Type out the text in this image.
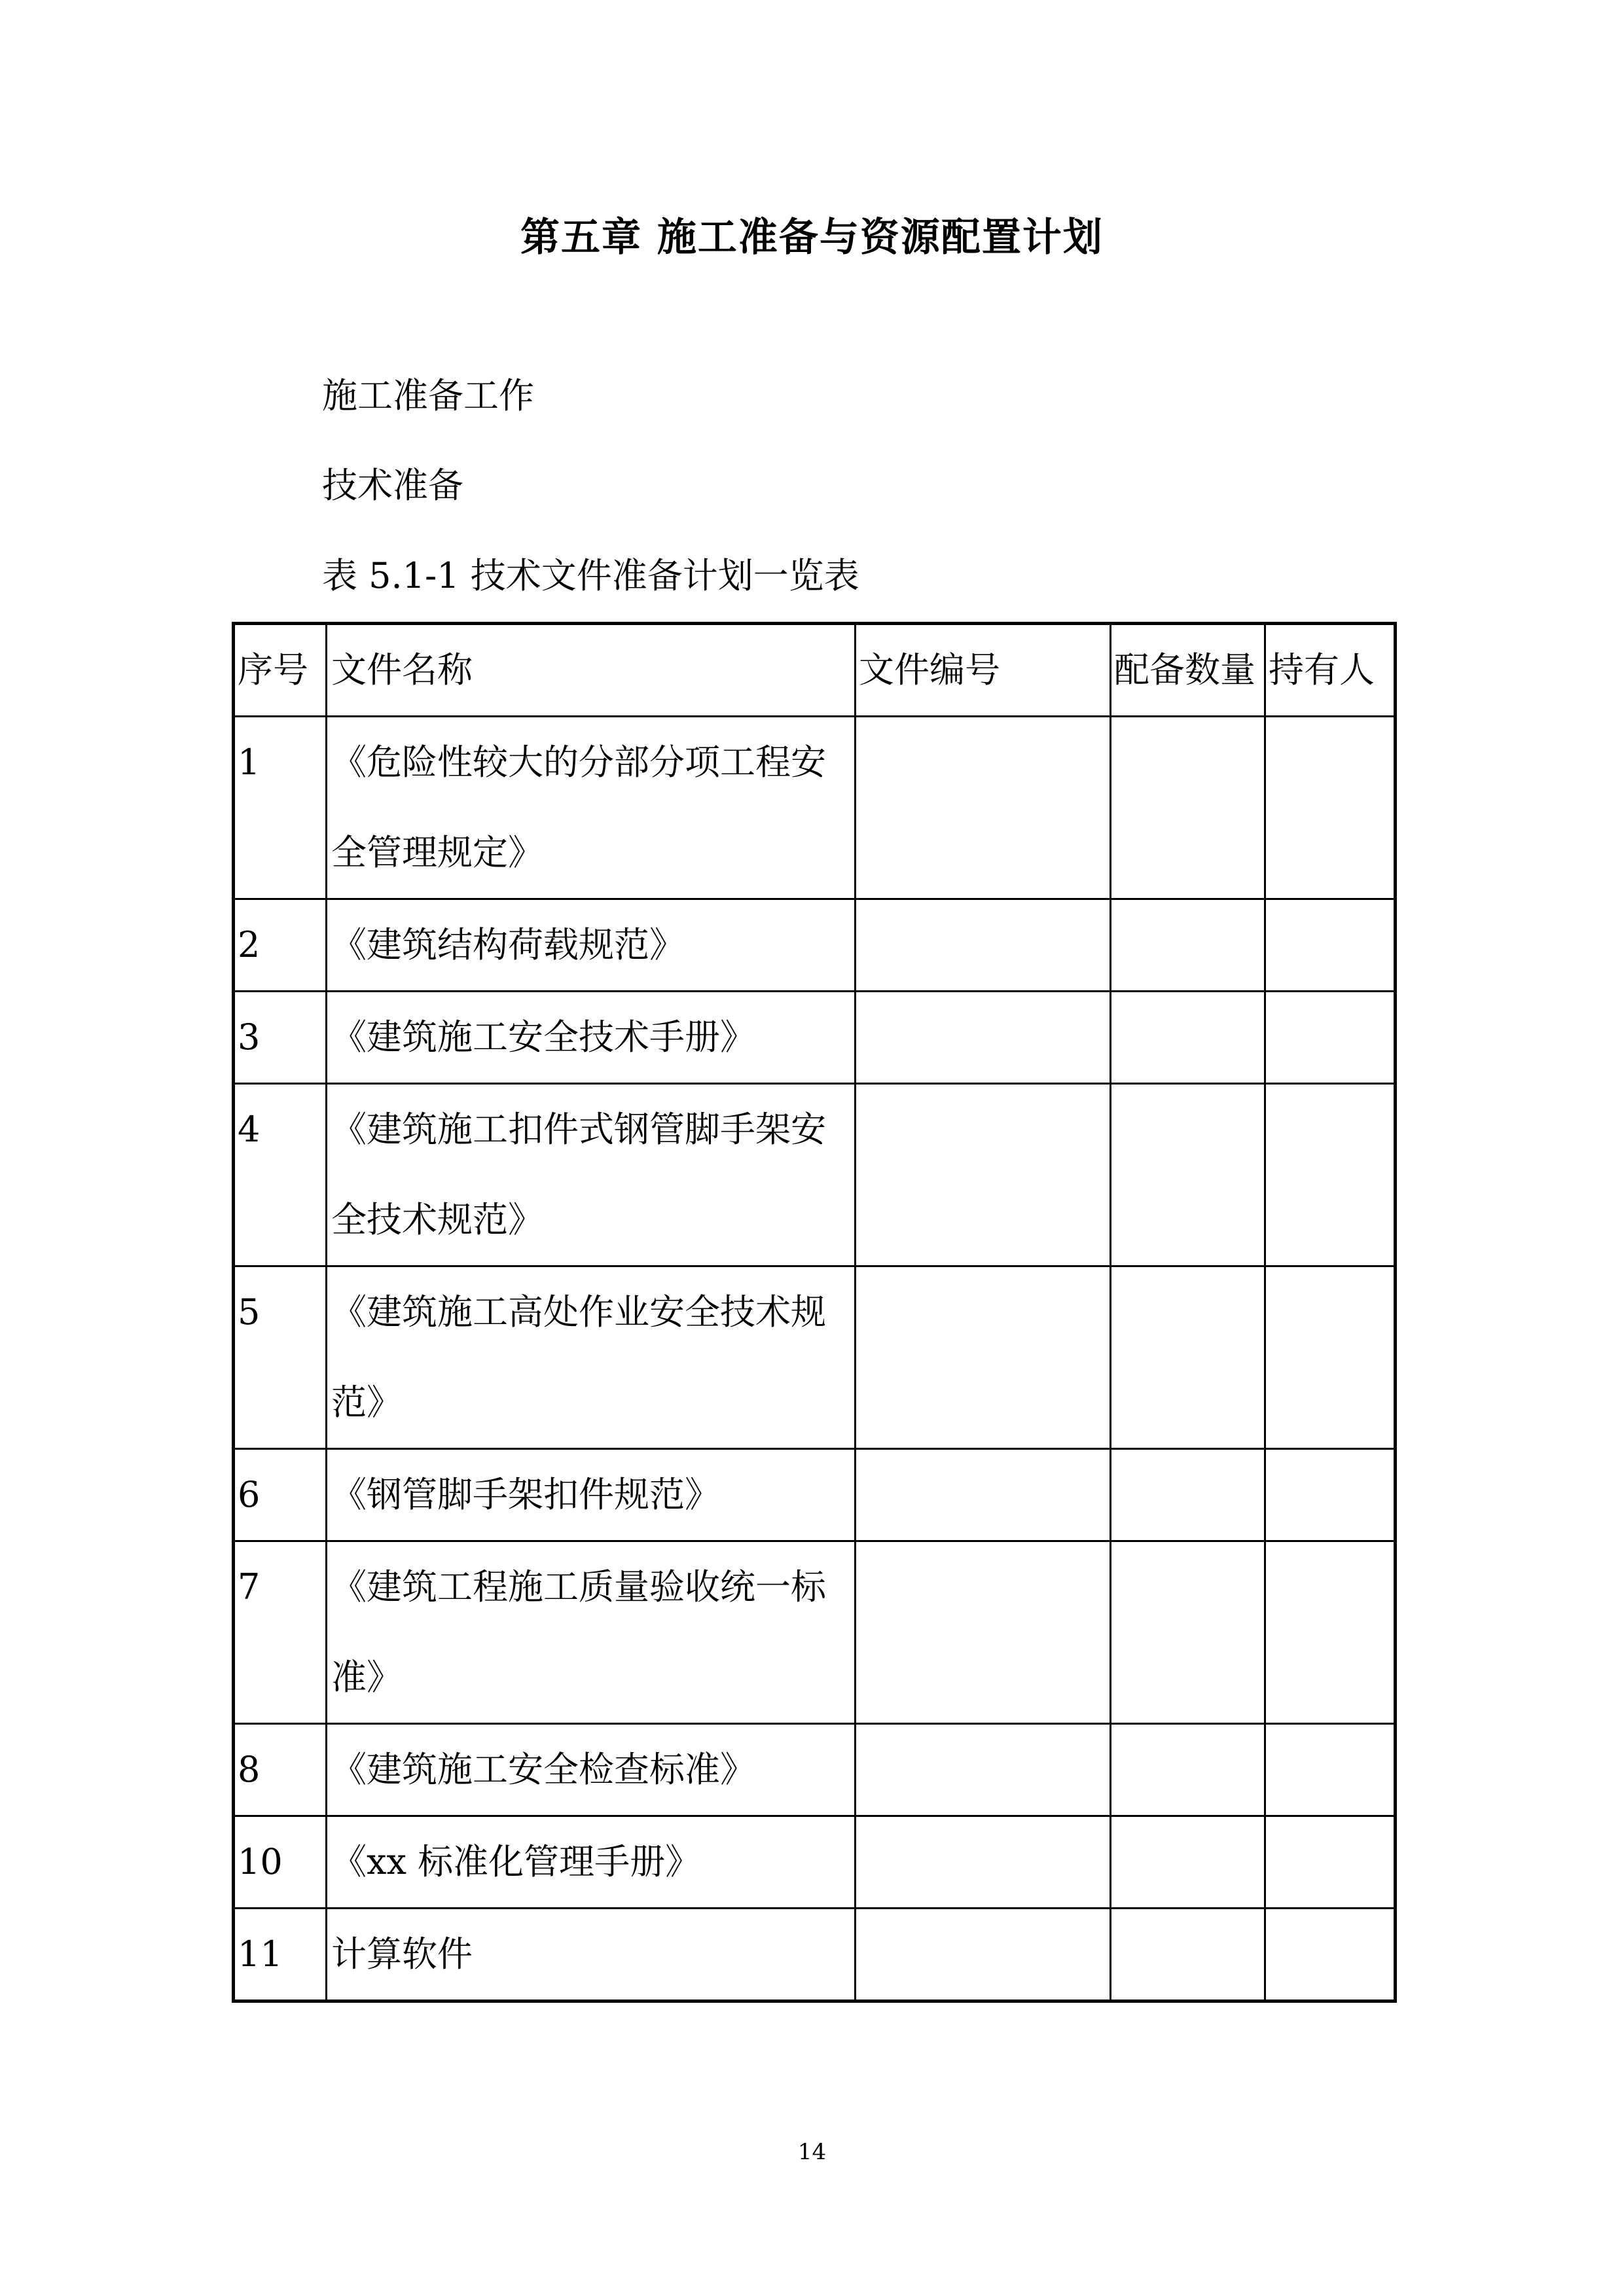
第五章 施工准备与资源配置计划
施工准备工作
技术准备
表 5.1-1 技术文件准备计划一览表
序号	文件名称	文件编号	配备数量	持有人
1	《危险性较大的分部分项工程安全管理规定》			
2	《建筑结构荷载规范》			
3	《建筑施工安全技术手册》			
4	《建筑施工扣件式钢管脚手架安全技术规范》			
5	《建筑施工高处作业安全技术规范》			
6	《钢管脚手架扣件规范》			
7	《建筑工程施工质量验收统一标准》			
8	《建筑施工安全检查标准》			
10	《xx 标准化管理手册》			
11	计算软件			
14
